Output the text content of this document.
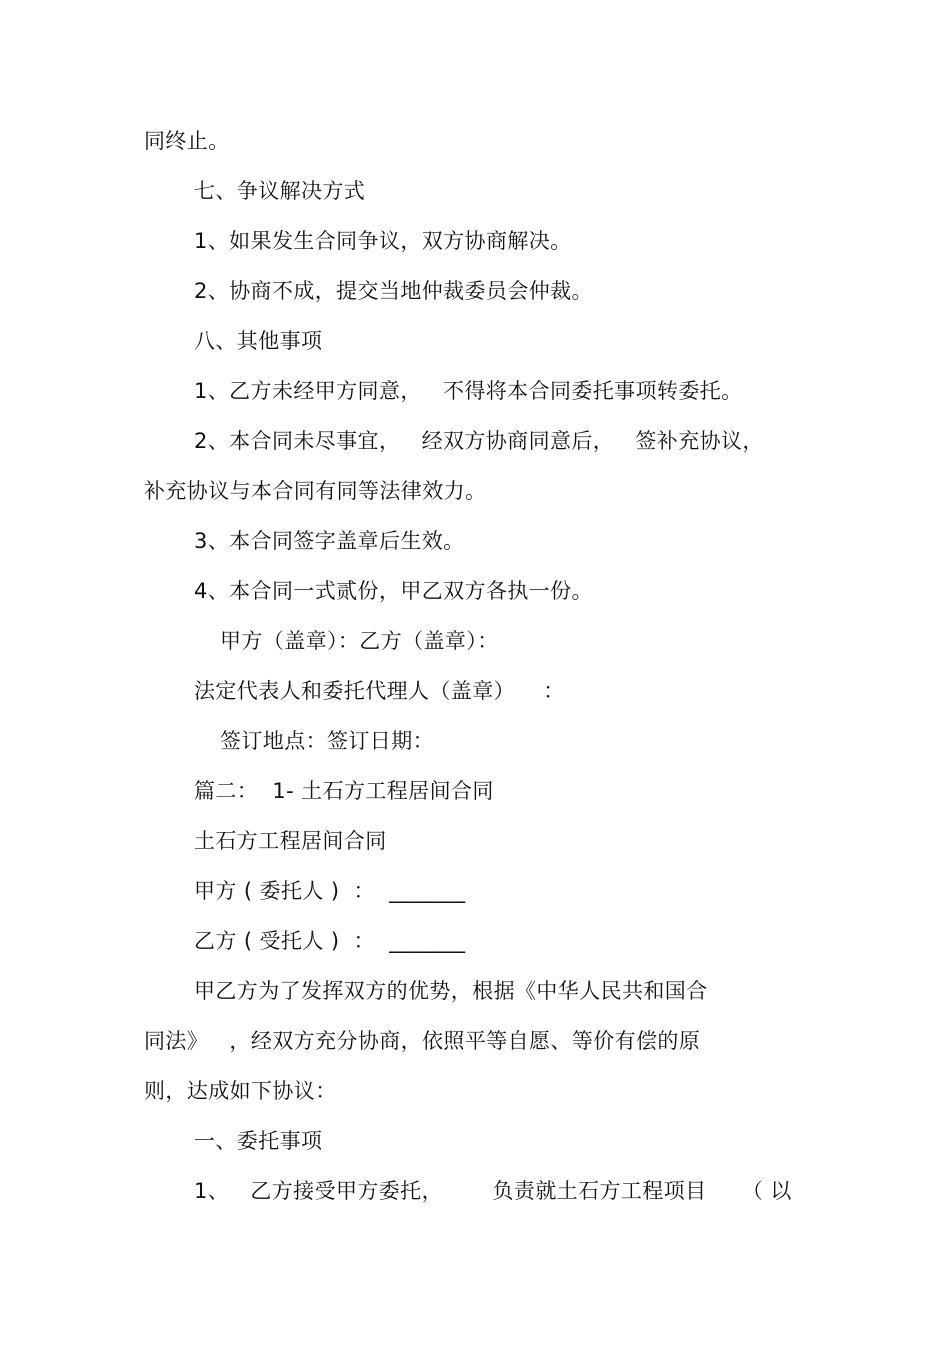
同终止。
七、争议解决方式
1、如果发生合同争议，双方协商解决。
2、协商不成，提交当地仲裁委员会仲裁。
八、其他事项
1、乙方未经甲方同意，   不得将本合同委托事项转委托。
2、本合同未尽事宜，   经双方协商同意后，   签补充协议，
补充协议与本合同有同等法律效力。
3、本合同签字盖章后生效。
4、本合同一式贰份，甲乙双方各执一份。
甲方（盖章）：乙方（盖章）：
法定代表人和委托代理人（盖章）    ：
签订地点：签订日期：
篇二：  1- 土石方工程居间合同
土石方工程居间合同
甲方 ( 委托人 )  ：  _______
乙方 ( 受托人 )  ：  _______
甲乙方为了发挥双方的优势，根据《中华人民共和国合
同法》   ，经双方充分协商，依照平等自愿、等价有偿的原
则，达成如下协议：
一、委托事项
1、   乙方接受甲方委托，       负责就土石方工程项目     （ 以
